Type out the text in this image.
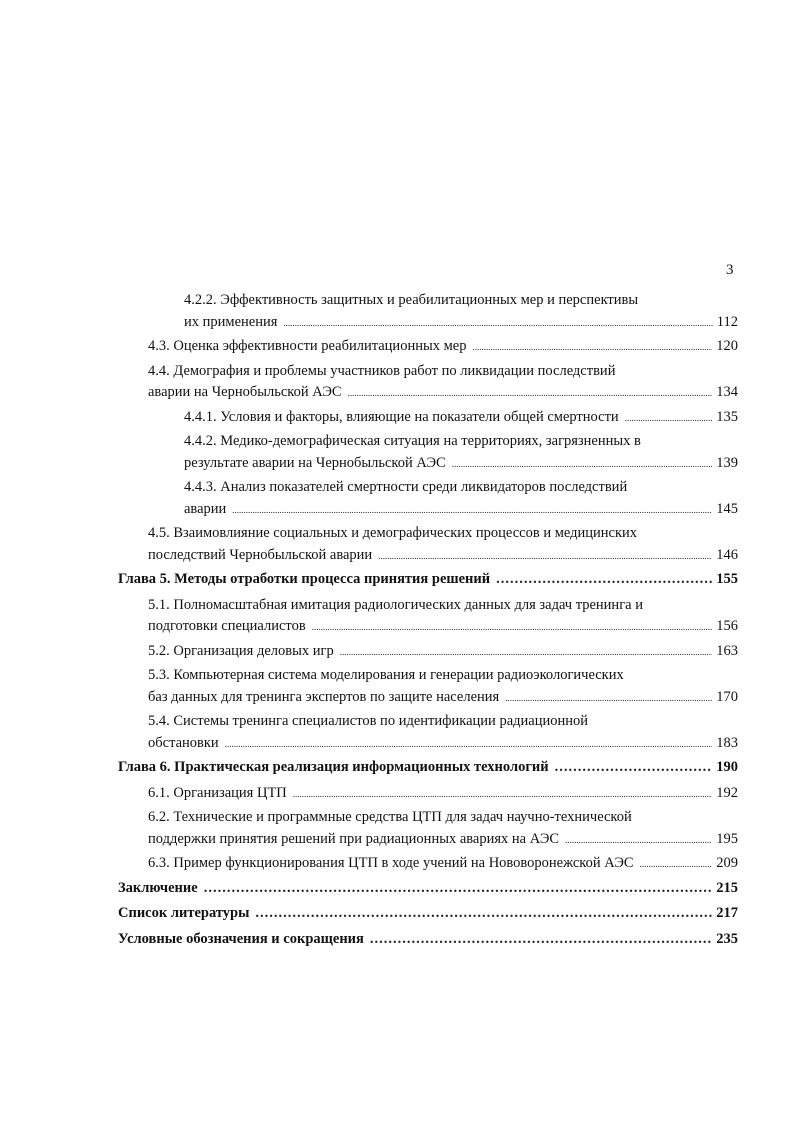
3
4.2.2. Эффективность защитных и реабилитационных мер и перспективы
их применения .....	112
4.3. Оценка эффективности реабилитационных мер .....	120
4.4. Демография и проблемы участников работ по ликвидации последствий
аварии на Чернобыльской АЭС .....	134
4.4.1. Условия и факторы, влияющие на показатели общей смертности .....	135
4.4.2. Медико-демографическая ситуация на территориях, загрязненных в
результате аварии на Чернобыльской АЭС .....	139
4.4.3. Анализ показателей смертности среди ликвидаторов последствий
аварии .....	145
4.5. Взаимовлияние социальных и демографических процессов и медицинских
последствий Чернобыльской аварии .....	146
Глава 5. Методы отработки процесса принятия решений .....	155
5.1. Полномасштабная имитация радиологических данных для задач тренинга и
подготовки специалистов .....	156
5.2. Организация деловых игр .....	163
5.3. Компьютерная система моделирования и генерации радиоэкологических
баз данных для тренинга экспертов по защите населения .....	170
5.4. Системы тренинга специалистов по идентификации радиационной
обстановки .....	183
Глава 6. Практическая реализация информационных технологий .....	190
6.1. Организация ЦТП .....	192
6.2. Технические и программные средства ЦТП для задач научно-технической
поддержки принятия решений при радиационных авариях на АЭС .....	195
6.3. Пример функционирования ЦТП в ходе учений на Нововоронежской АЭС .....	209
Заключение .....	215
Список литературы .....	217
Условные обозначения и сокращения .....	235
